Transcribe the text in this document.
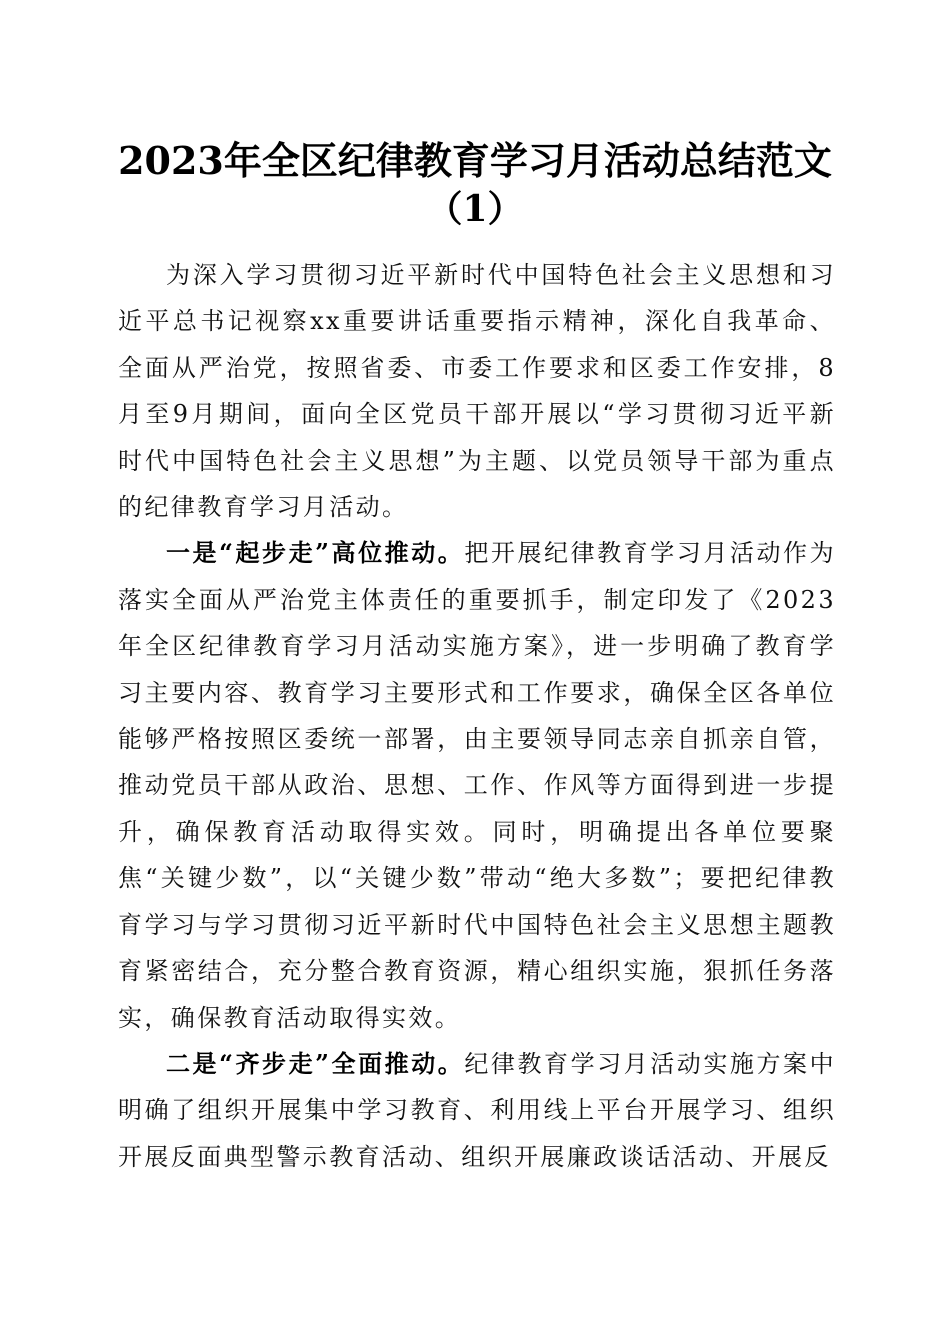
2023年全区纪律教育学习月活动总结范文
（1）

为深入学习贯彻习近平新时代中国特色社会主义思想和习近平总书记视察xx重要讲话重要指示精神，深化自我革命、全面从严治党，按照省委、市委工作要求和区委工作安排，8月至9月期间，面向全区党员干部开展以“学习贯彻习近平新时代中国特色社会主义思想”为主题、以党员领导干部为重点的纪律教育学习月活动。

一是“起步走”高位推动。把开展纪律教育学习月活动作为落实全面从严治党主体责任的重要抓手，制定印发了《2023年全区纪律教育学习月活动实施方案》，进一步明确了教育学习主要内容、教育学习主要形式和工作要求，确保全区各单位能够严格按照区委统一部署，由主要领导同志亲自抓亲自管，推动党员干部从政治、思想、工作、作风等方面得到进一步提升，确保教育活动取得实效。同时，明确提出各单位要聚焦“关键少数”，以“关键少数”带动“绝大多数”；要把纪律教育学习与学习贯彻习近平新时代中国特色社会主义思想主题教育紧密结合，充分整合教育资源，精心组织实施，狠抓任务落实，确保教育活动取得实效。

二是“齐步走”全面推动。纪律教育学习月活动实施方案中明确了组织开展集中学习教育、利用线上平台开展学习、组织开展反面典型警示教育活动、组织开展廉政谈话活动、开展反
